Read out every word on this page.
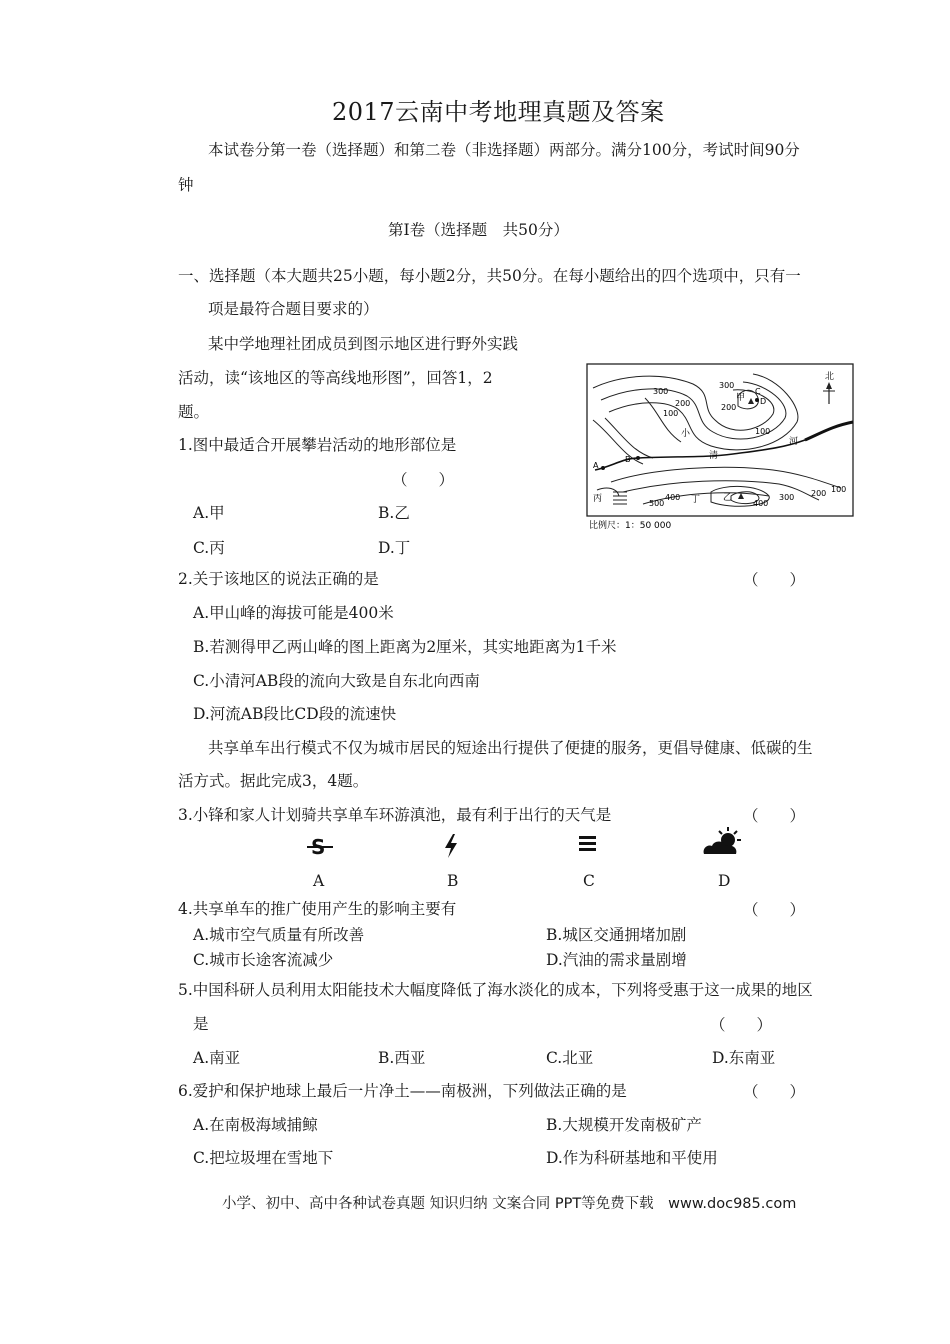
2017云南中考地理真题及答案
本试卷分第一卷（选择题）和第二卷（非选择题）两部分。满分100分，考试时间90分
钟
第Ⅰ卷（选择题　共50分）
一、选择题（本大题共25小题，每小题2分，共50分。在每小题给出的四个选项中，只有一
项是最符合题目要求的）
某中学地理社团成员到图示地区进行野外实践
活动，读“该地区的等高线地形图”，回答1，2
题。
北
甲
乙
丙	丁
小
清
河
A
B
C
D
300
200
100
300
200
100
500
400
400
300 200 100
比例尺：1：50 000
1.图中最适合开展攀岩活动的地形部位是
（　　）
A.甲	B.乙
C.丙	D.丁
2.关于该地区的说法正确的是	（　　）
A.甲山峰的海拔可能是400米
B.若测得甲乙两山峰的图上距离为2厘米，其实地距离为1千米
C.小清河AB段的流向大致是自东北向西南
D.河流AB段比CD段的流速快
共享单车出行模式不仅为城市居民的短途出行提供了便捷的服务，更倡导健康、低碳的生
活方式。据此完成3，4题。
3.小锋和家人计划骑共享单车环游滇池，最有利于出行的天气是	（　　）
S
A	B	C	D
4.共享单车的推广使用产生的影响主要有	（　　）
A.城市空气质量有所改善	B.城区交通拥堵加剧
C.城市长途客流减少	D.汽油的需求量剧增
5.中国科研人员利用太阳能技术大幅度降低了海水淡化的成本，下列将受惠于这一成果的地区
是	（　　）
A.南亚	B.西亚	C.北亚	D.东南亚
6.爱护和保护地球上最后一片净土——南极洲，下列做法正确的是	（　　）
A.在南极海域捕鲸	B.大规模开发南极矿产
C.把垃圾埋在雪地下	D.作为科研基地和平使用
小学、初中、高中各种试卷真题 知识归纳 文案合同 PPT等免费下载　www.doc985.com
